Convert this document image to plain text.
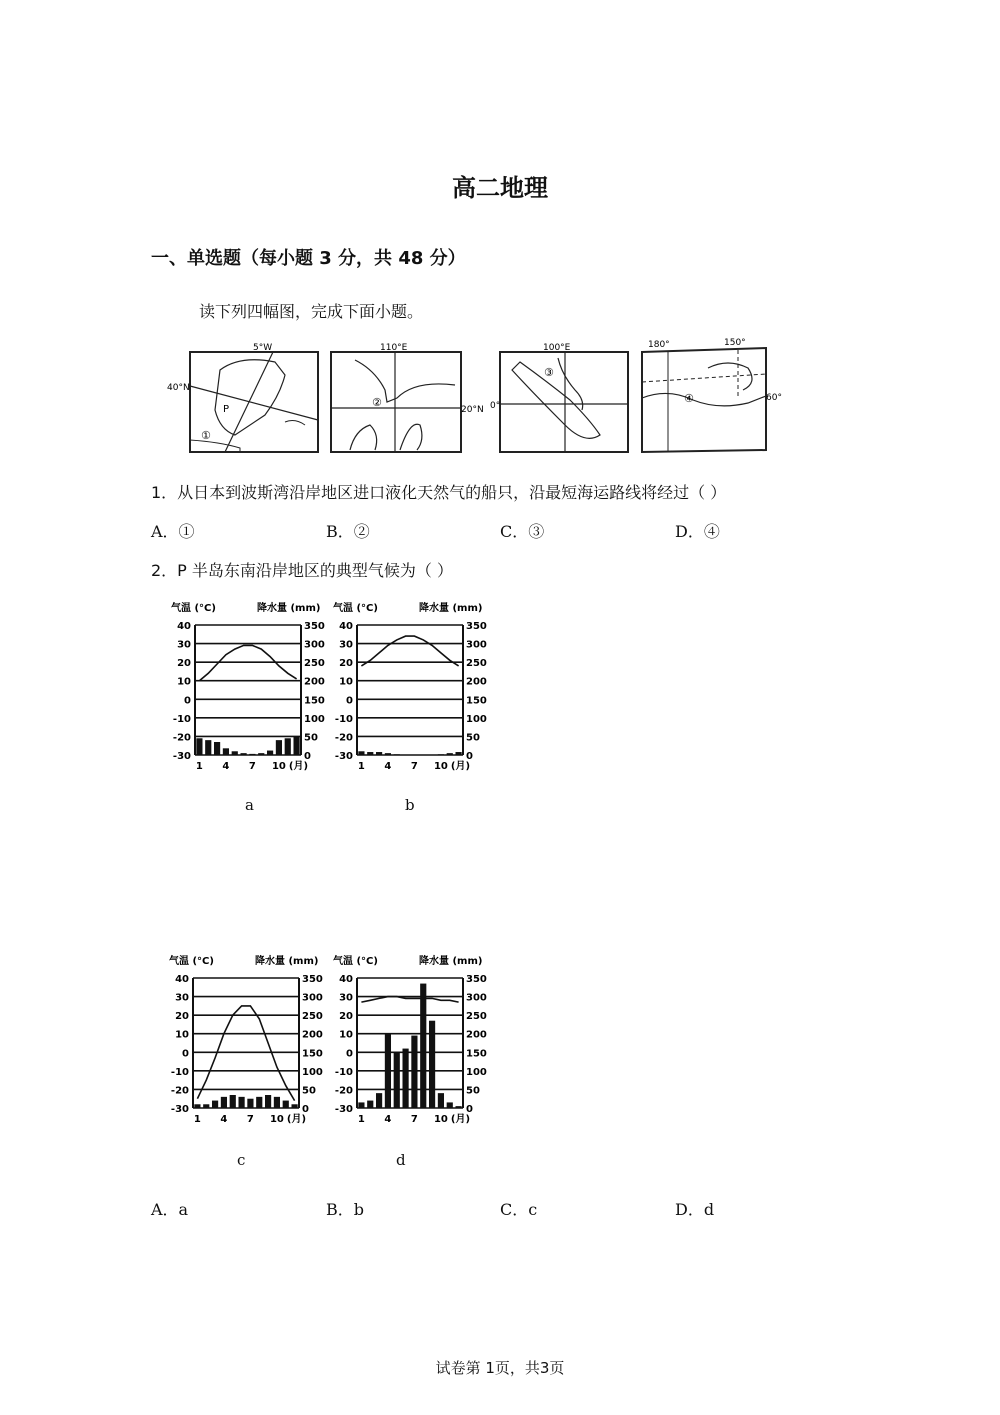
高二地理
一、单选题（每小题 3 分，共 48 分）
读下列四幅图，完成下面小题。
5°W
40°N
P
①
110°E
20°N
②
100°E
0°
③
180°	150°
60°
④
1．从日本到波斯湾沿岸地区进口液化天然气的船只，沿最短海运路线将经过（ ）
A．①	B．②	C．③	D．④
2．P 半岛东南沿岸地区的典型气候为（ ）
气温 (°C)	降水量 (mm)
40
30
20
10
0
-10
-20
-30
350
300
250
200
150
100
50
0
1 4 7 10 (月)
气温 (°C)	降水量 (mm)
40
30
20
10
0
-10
-20
-30
350
300
250
200
150
100
50
0
1 4 7 10 (月)
气温 (°C)	降水量 (mm)
40
30
20
10
0
-10
-20
-30
350
300
250
200
150
100
50
0
1 4 7 10 (月)
气温 (°C)	降水量 (mm)
40
30
20
10
0
-10
-20
-30
350
300
250
200
150
100
50
0
1 4 7 10 (月)
a	b
c	d
A．a	B．b	C．c	D．d
试卷第 1页，共3页
